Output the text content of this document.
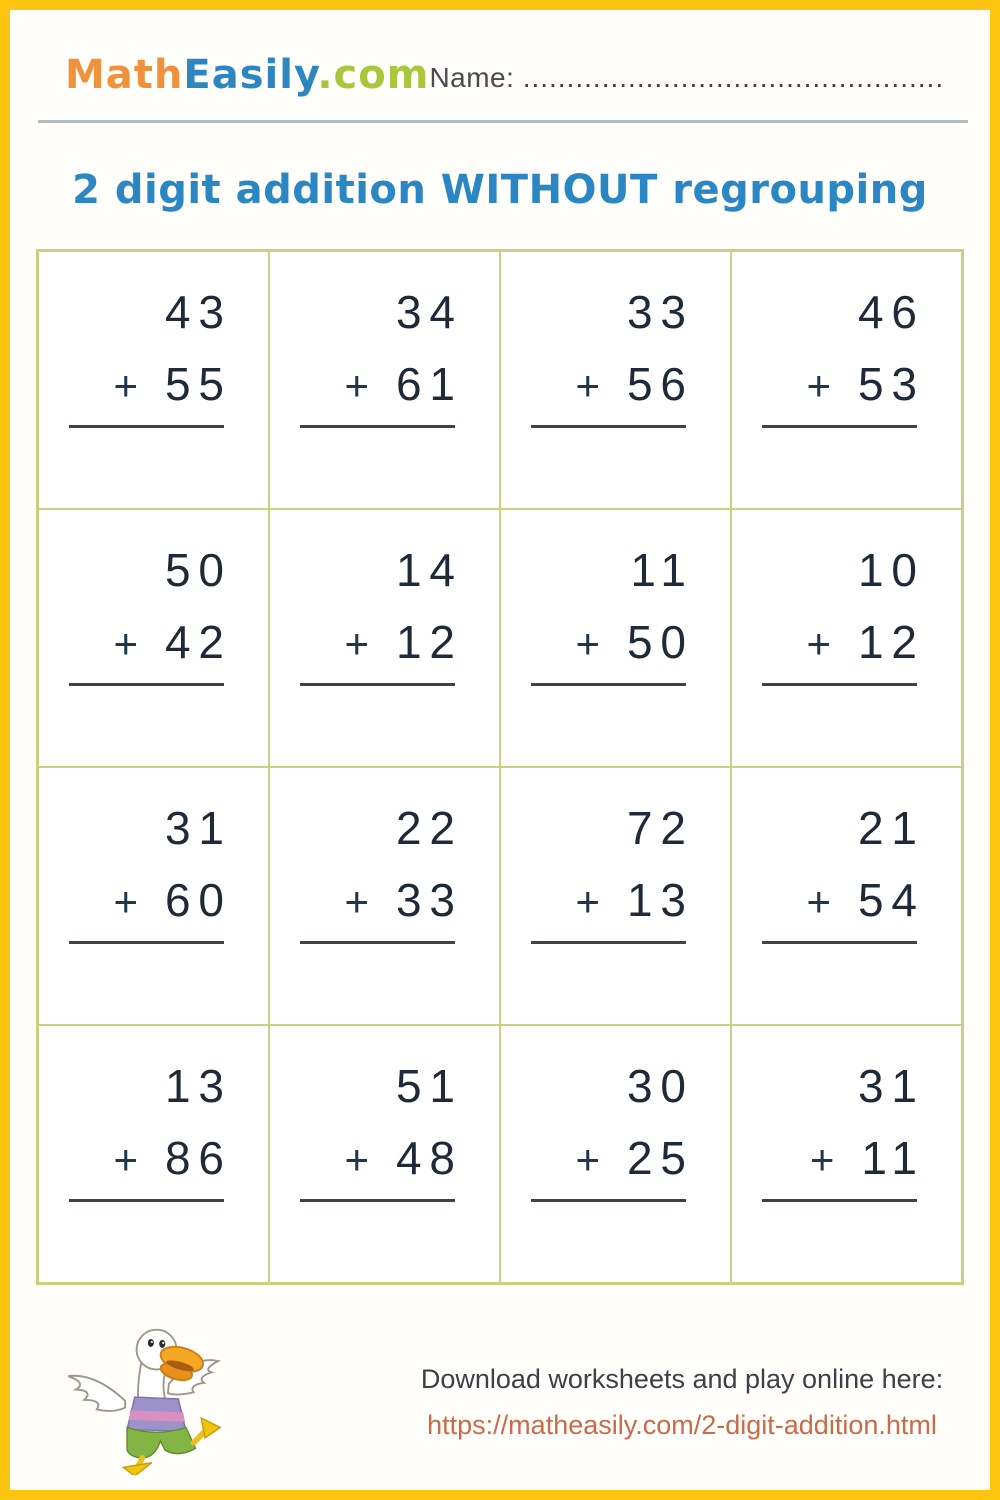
MathEasily.com Name: ................................................
2 digit addition WITHOUT regrouping
43
+ 55
34
+ 61
33
+ 56
46
+ 53
50
+ 42
14
+ 12
11
+ 50
10
+ 12
31
+ 60
22
+ 33
72
+ 13
21
+ 54
13
+ 86
51
+ 48
30
+ 25
31
+ 11
Download worksheets and play online here:
https://matheasily.com/2-digit-addition.html
